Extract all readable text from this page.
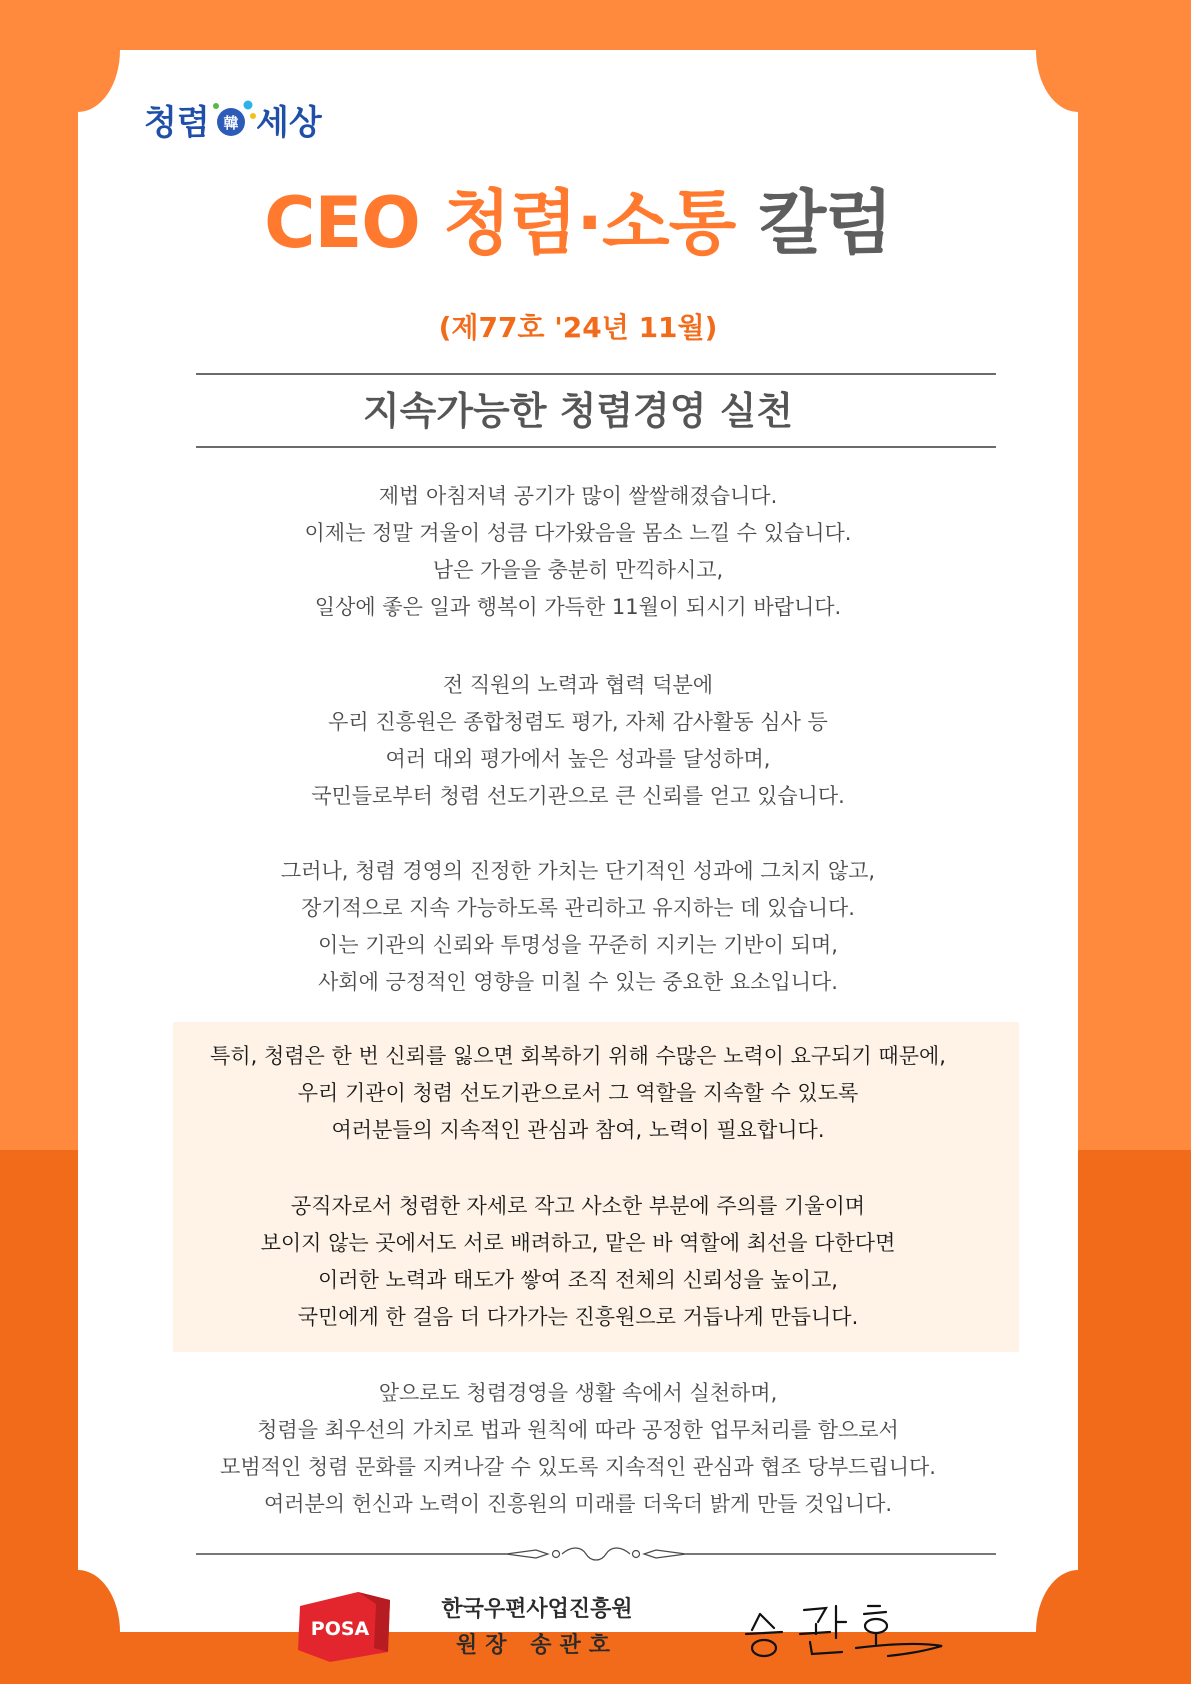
청렴 韓 세상
CEO 청렴·소통 칼럼
(제77호 '24년 11월)
지속가능한 청렴경영 실천
제법 아침저녁 공기가 많이 쌀쌀해졌습니다.
이제는 정말 겨울이 성큼 다가왔음을 몸소 느낄 수 있습니다.
남은 가을을 충분히 만끽하시고,
일상에 좋은 일과 행복이 가득한 11월이 되시기 바랍니다.
전 직원의 노력과 협력 덕분에
우리 진흥원은 종합청렴도 평가, 자체 감사활동 심사 등
여러 대외 평가에서 높은 성과를 달성하며,
국민들로부터 청렴 선도기관으로 큰 신뢰를 얻고 있습니다.
그러나, 청렴 경영의 진정한 가치는 단기적인 성과에 그치지 않고,
장기적으로 지속 가능하도록 관리하고 유지하는 데 있습니다.
이는 기관의 신뢰와 투명성을 꾸준히 지키는 기반이 되며,
사회에 긍정적인 영향을 미칠 수 있는 중요한 요소입니다.
특히, 청렴은 한 번 신뢰를 잃으면 회복하기 위해 수많은 노력이 요구되기 때문에,
우리 기관이 청렴 선도기관으로서 그 역할을 지속할 수 있도록
여러분들의 지속적인 관심과 참여, 노력이 필요합니다.
공직자로서 청렴한 자세로 작고 사소한 부분에 주의를 기울이며
보이지 않는 곳에서도 서로 배려하고, 맡은 바 역할에 최선을 다한다면
이러한 노력과 태도가 쌓여 조직 전체의 신뢰성을 높이고,
국민에게 한 걸음 더 다가가는 진흥원으로 거듭나게 만듭니다.
앞으로도 청렴경영을 생활 속에서 실천하며,
청렴을 최우선의 가치로 법과 원칙에 따라 공정한 업무처리를 함으로서
모범적인 청렴 문화를 지켜나갈 수 있도록 지속적인 관심과 협조 당부드립니다.
여러분의 헌신과 노력이 진흥원의 미래를 더욱더 밝게 만들 것입니다.
POSA
한국우편사업진흥원
원장 송관호
